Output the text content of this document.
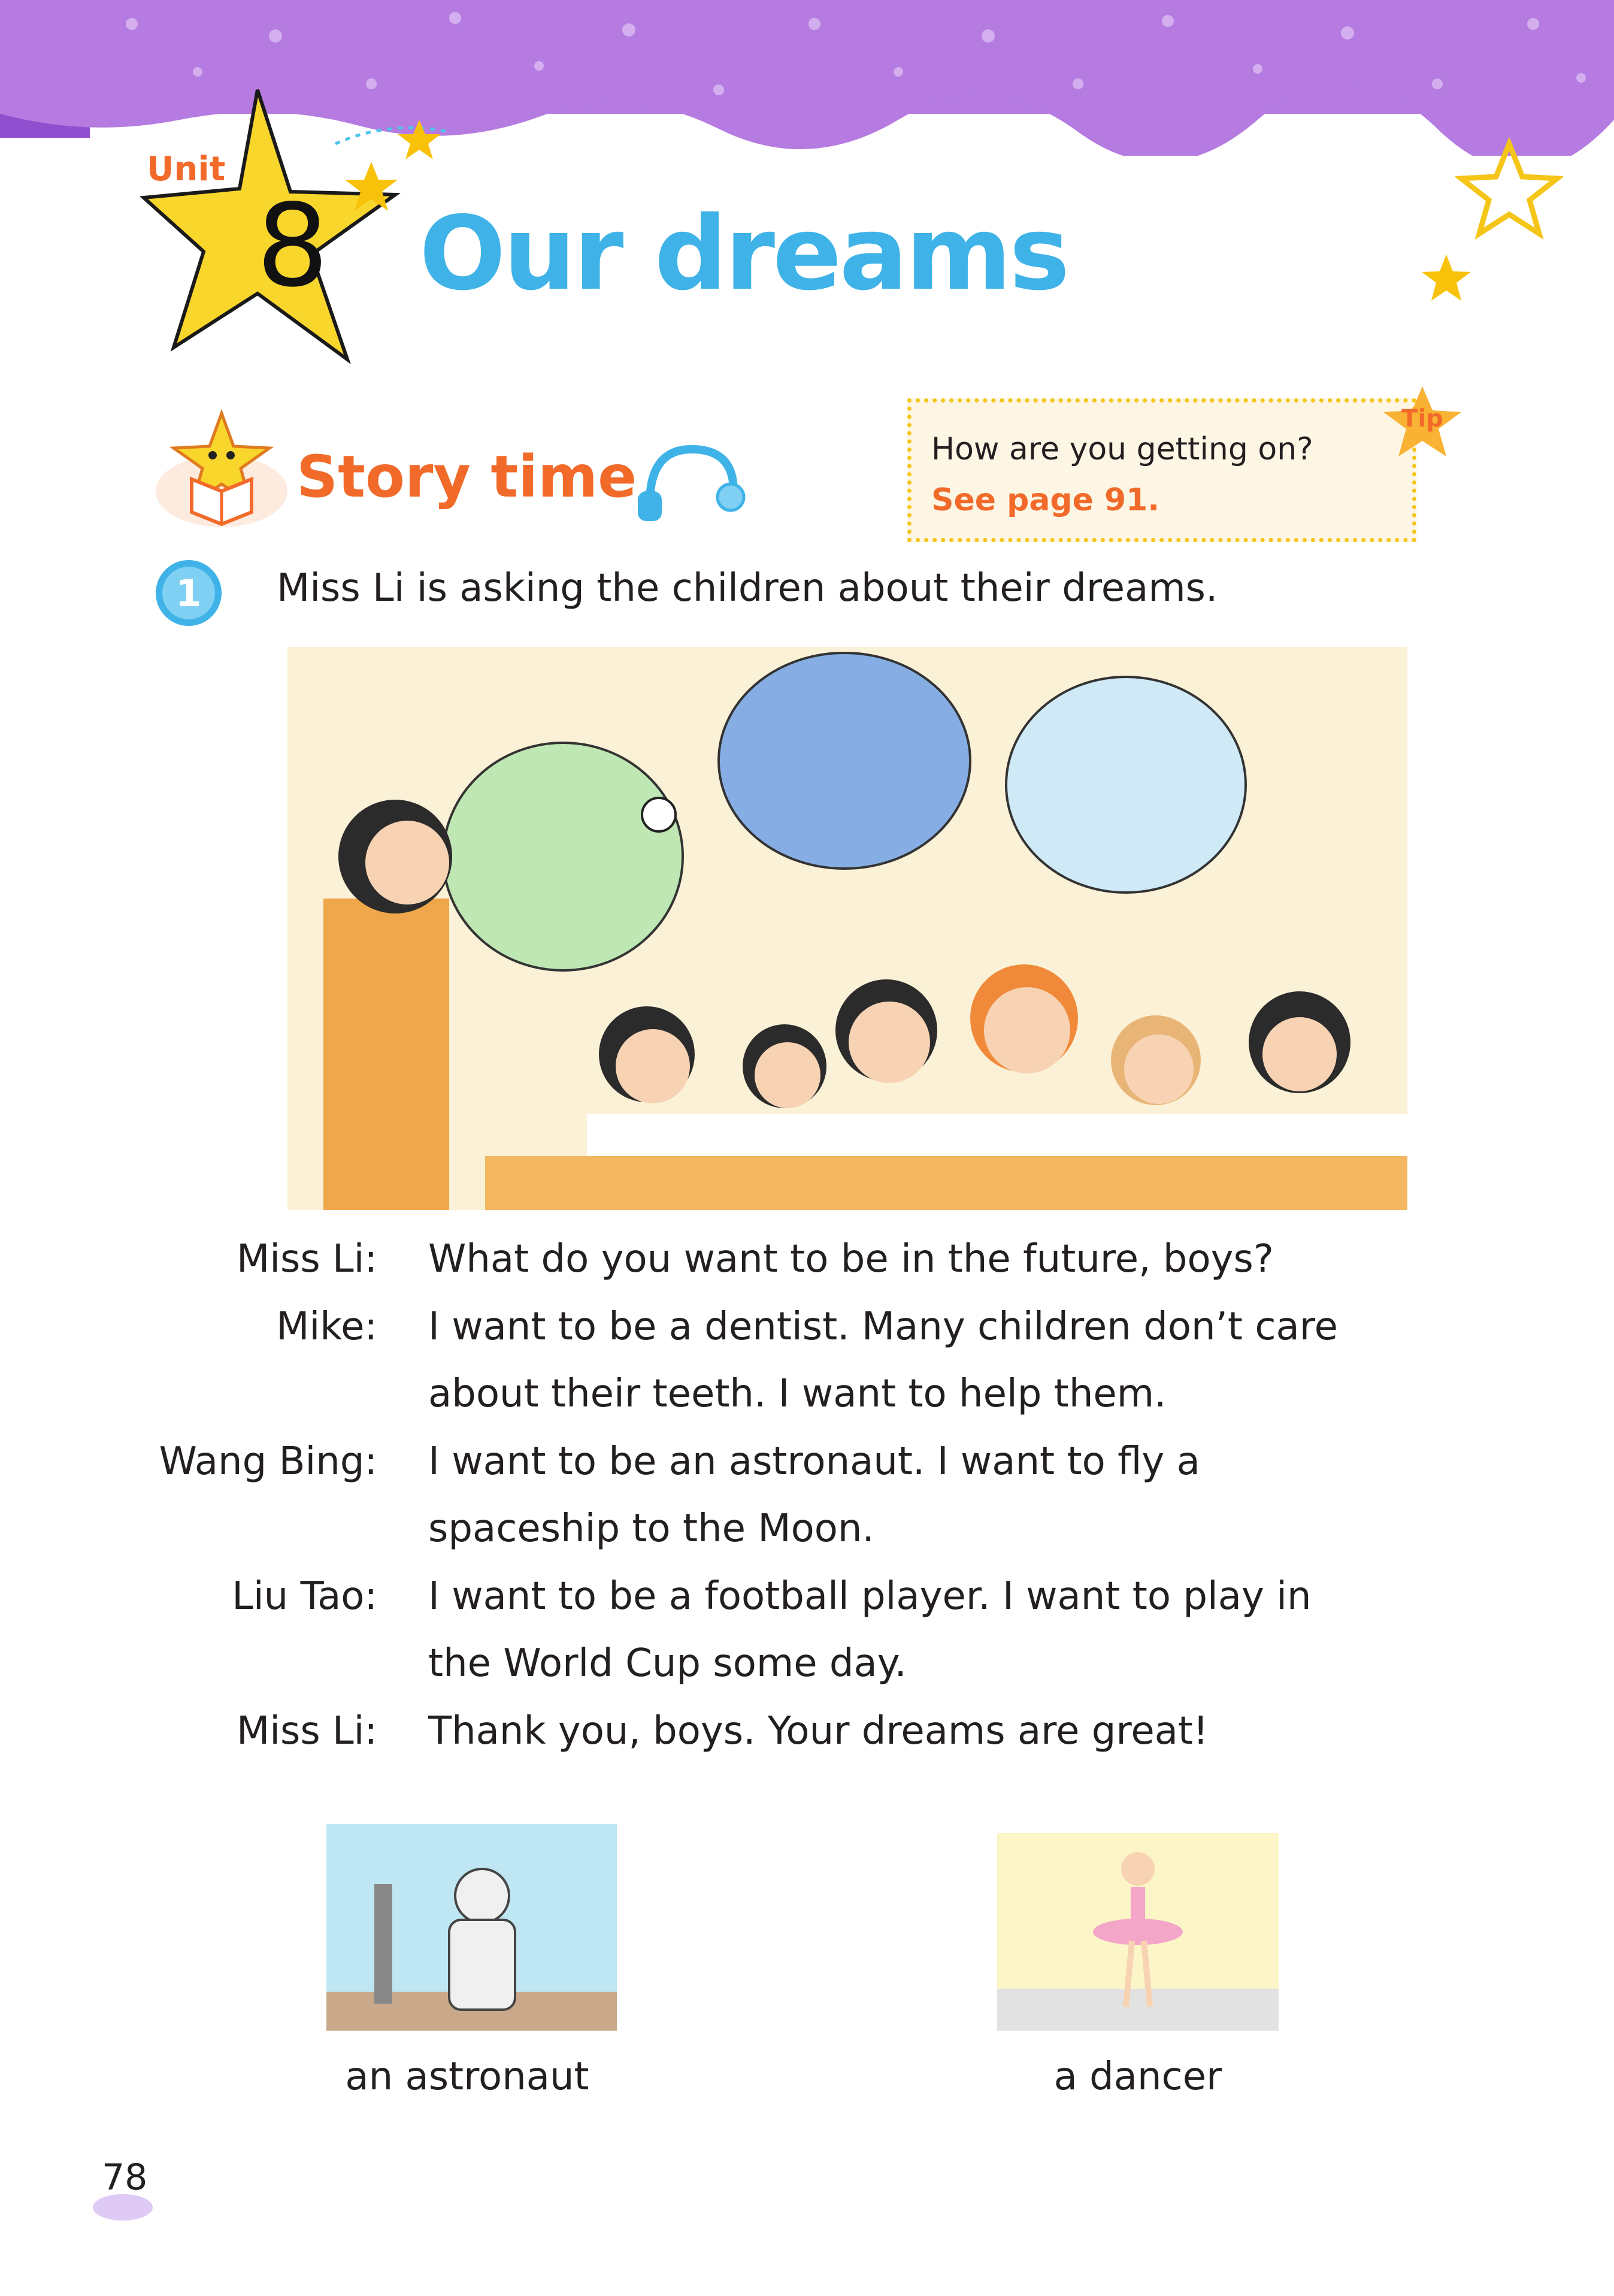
Unit
8 Our dreams
Story time	How are you getting on?
See page 91.
Tip
1 Miss Li is asking the children about their dreams.
Miss Li: What do you want to be in the future, boys?
Mike: I want to be a dentist. Many children don’t care
about their teeth. I want to help them.
Wang Bing: I want to be an astronaut. I want to fly a
spaceship to the Moon.
Liu Tao: I want to be a football player. I want to play in
the World Cup some day.
Miss Li: Thank you, boys. Your dreams are great!
an astronaut	a dancer
78
